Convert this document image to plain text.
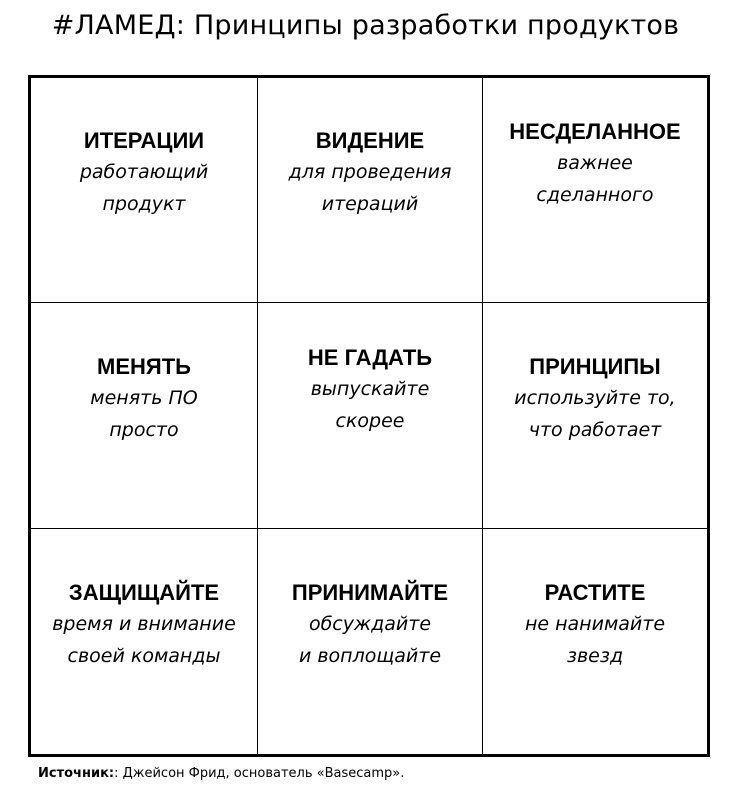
#ЛАМЕД: Принципы разработки продуктов
ИТЕРАЦИИ
работающий
продукт
ВИДЕНИЕ
для проведения
итераций
НЕСДЕЛАННОЕ
важнее
сделанного
МЕНЯТЬ
менять ПО
просто
НЕ ГАДАТЬ
выпускайте
скорее
ПРИНЦИПЫ
используйте то,
что работает
ЗАЩИЩАЙТЕ
время и внимание
своей команды
ПРИНИМАЙТЕ
обсуждайте
и воплощайте
РАСТИТЕ
не нанимайте
звезд
Источник:: Джейсон Фрид, основатель «Basecamp».
